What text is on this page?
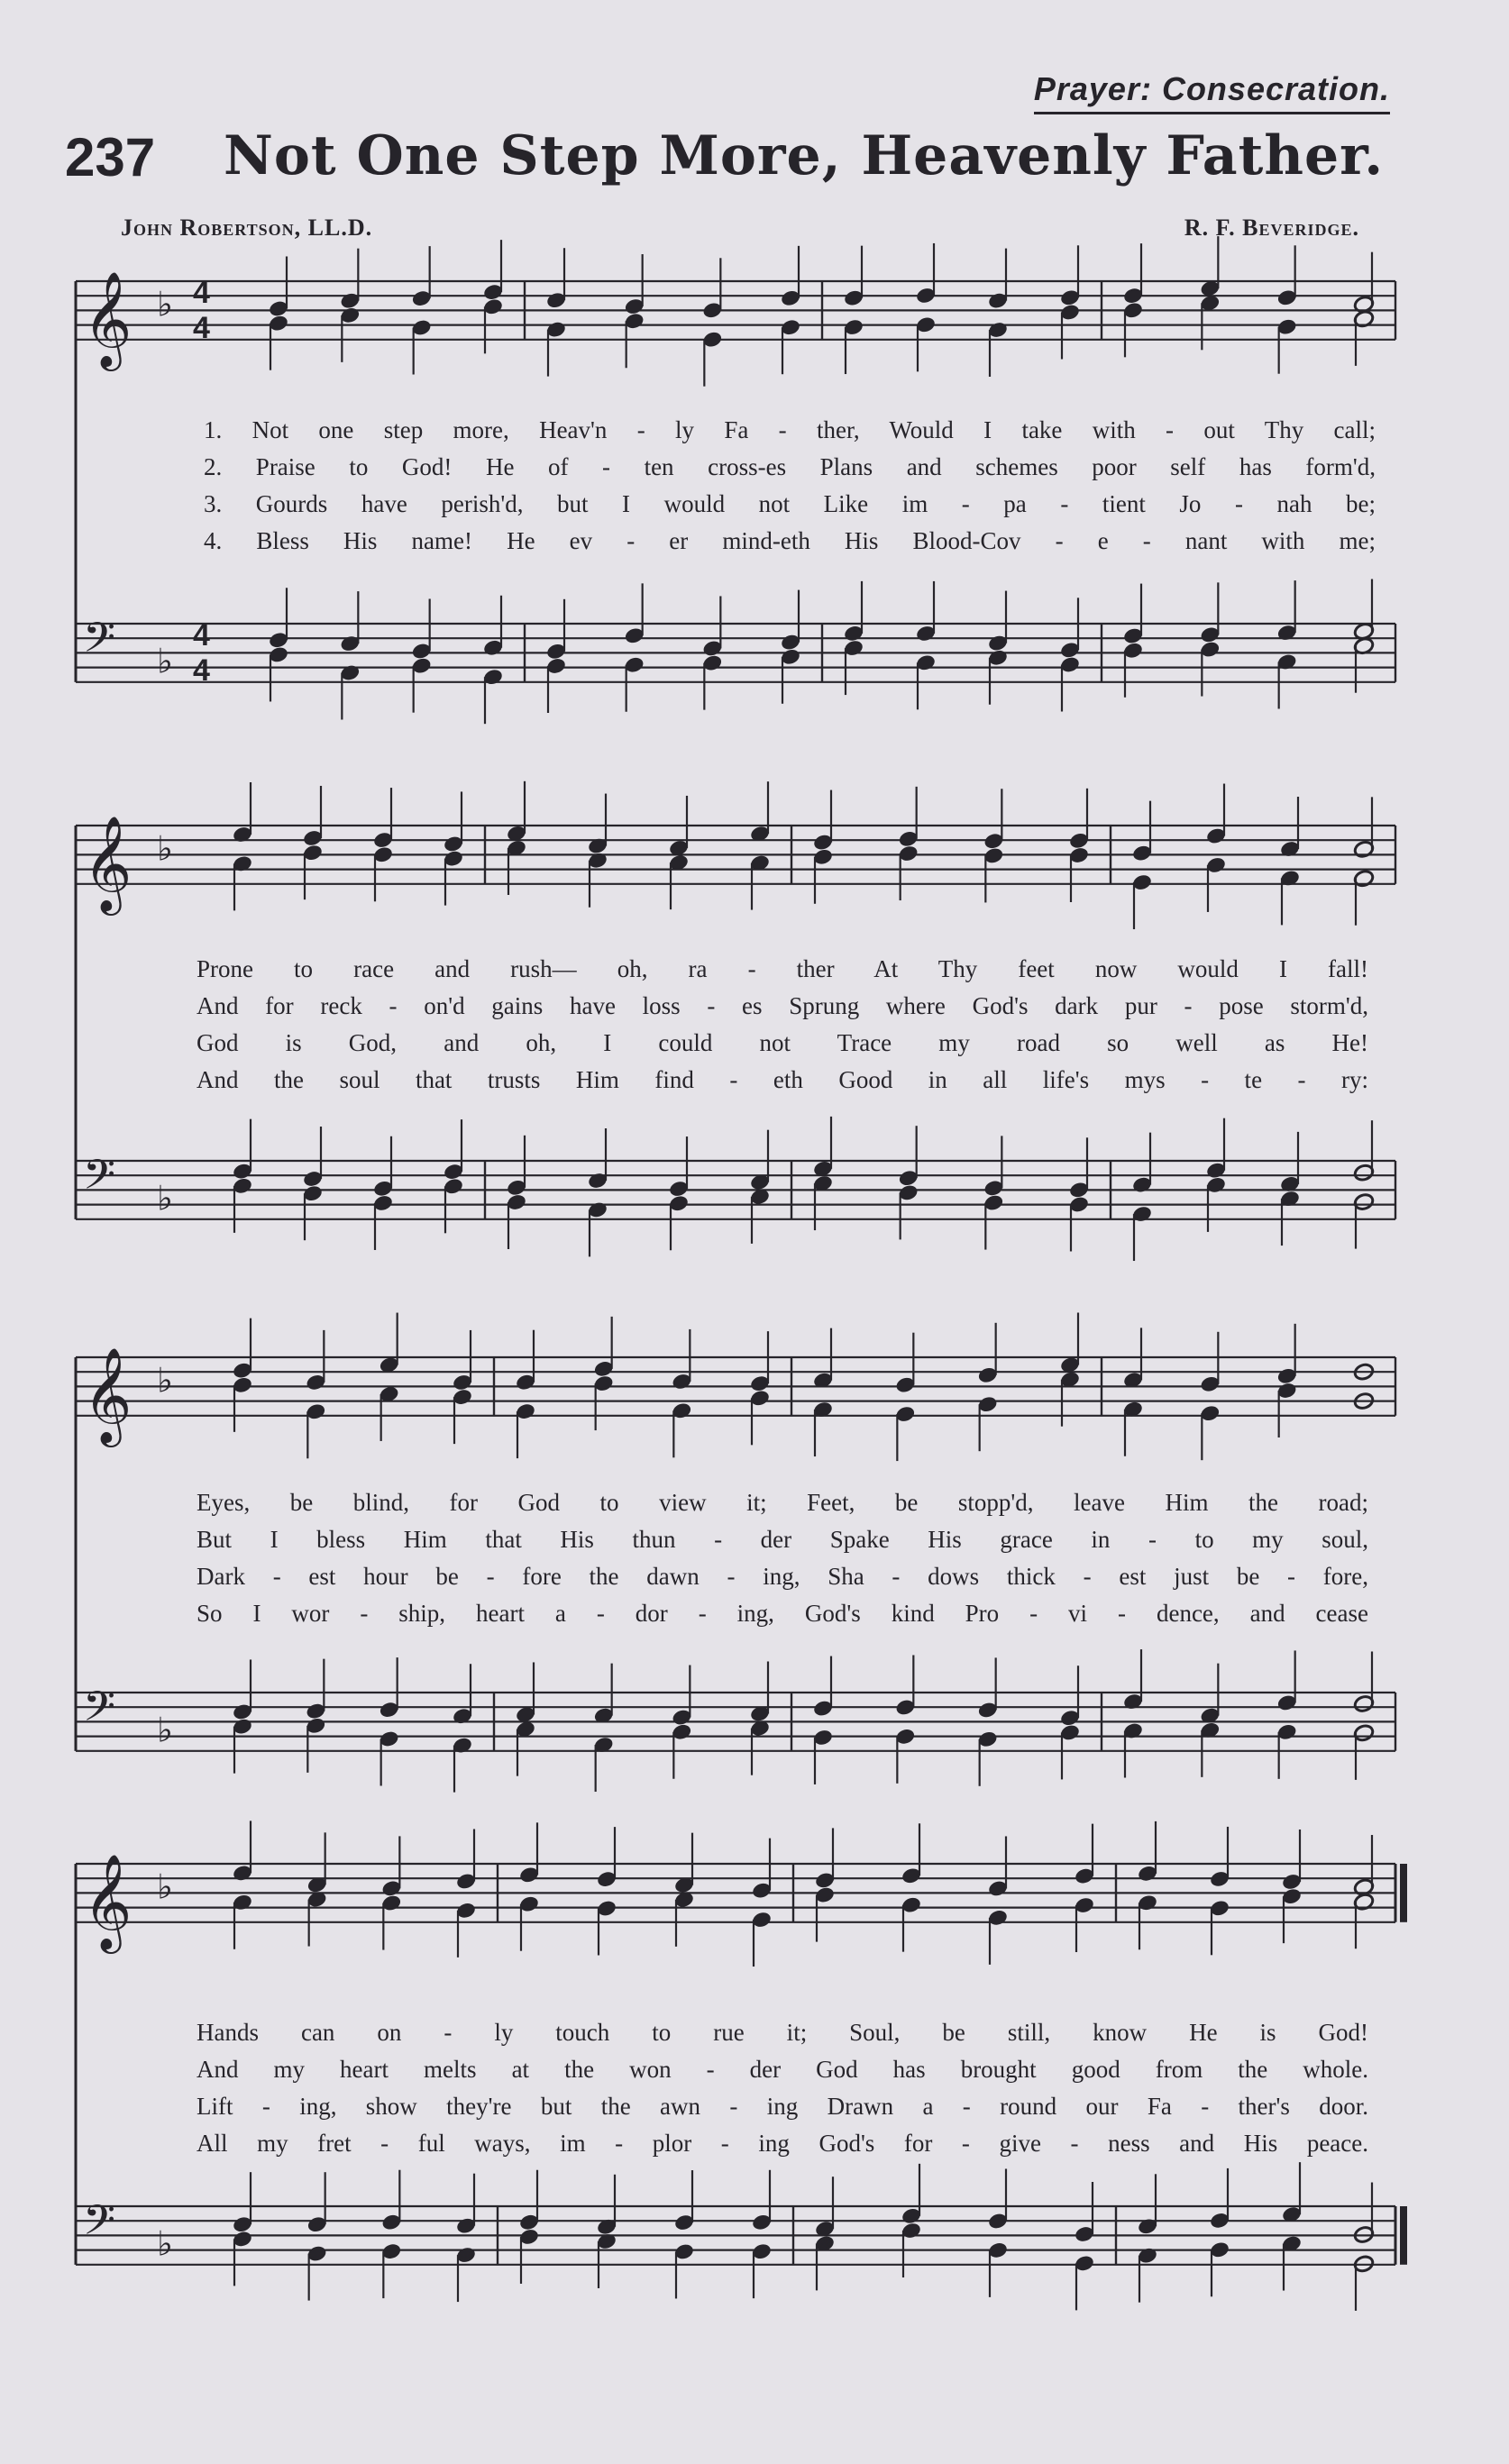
Prayer: Consecration.
237 Not One Step More, Heavenly Father.
John Robertson, LL.D.	R. F. Beveridge.
𝄞 ♭ 4
4
𝄢 ♭
4
4
1. Not one step more, Heav'n - ly Fa - ther, Would I take with - out Thy call;
2. Praise to God! He of - ten cross-es Plans and schemes poor self has form'd,
3. Gourds have perish'd, but I would not Like im - pa - tient Jo - nah be;
4. Bless His name! He ev - er mind-eth His Blood-Cov - e - nant with me;
𝄞 ♭
𝄢 ♭
Prone to race and rush— oh, ra - ther At Thy feet now would I fall!
And for reck - on'd gains have loss - es Sprung where God's dark pur - pose storm'd,
God is God, and oh, I could not Trace my road so well as He!
And the soul that trusts Him find - eth Good in all life's mys - te - ry:
𝄞 ♭
𝄢 ♭
Eyes, be blind, for God to view it; Feet, be stopp'd, leave Him the road;
But I bless Him that His thun - der Spake His grace in - to my soul,
Dark - est hour be - fore the dawn - ing, Sha - dows thick - est just be - fore,
So I wor - ship, heart a - dor - ing, God's kind Pro - vi - dence, and cease
𝄞 ♭
𝄢 ♭
Hands can on - ly touch to rue it; Soul, be still, know He is God!
And my heart melts at the won - der God has brought good from the whole.
Lift - ing, show they're but the awn - ing Drawn a - round our Fa - ther's door.
All my fret - ful ways, im - plor - ing God's for - give - ness and His peace.
